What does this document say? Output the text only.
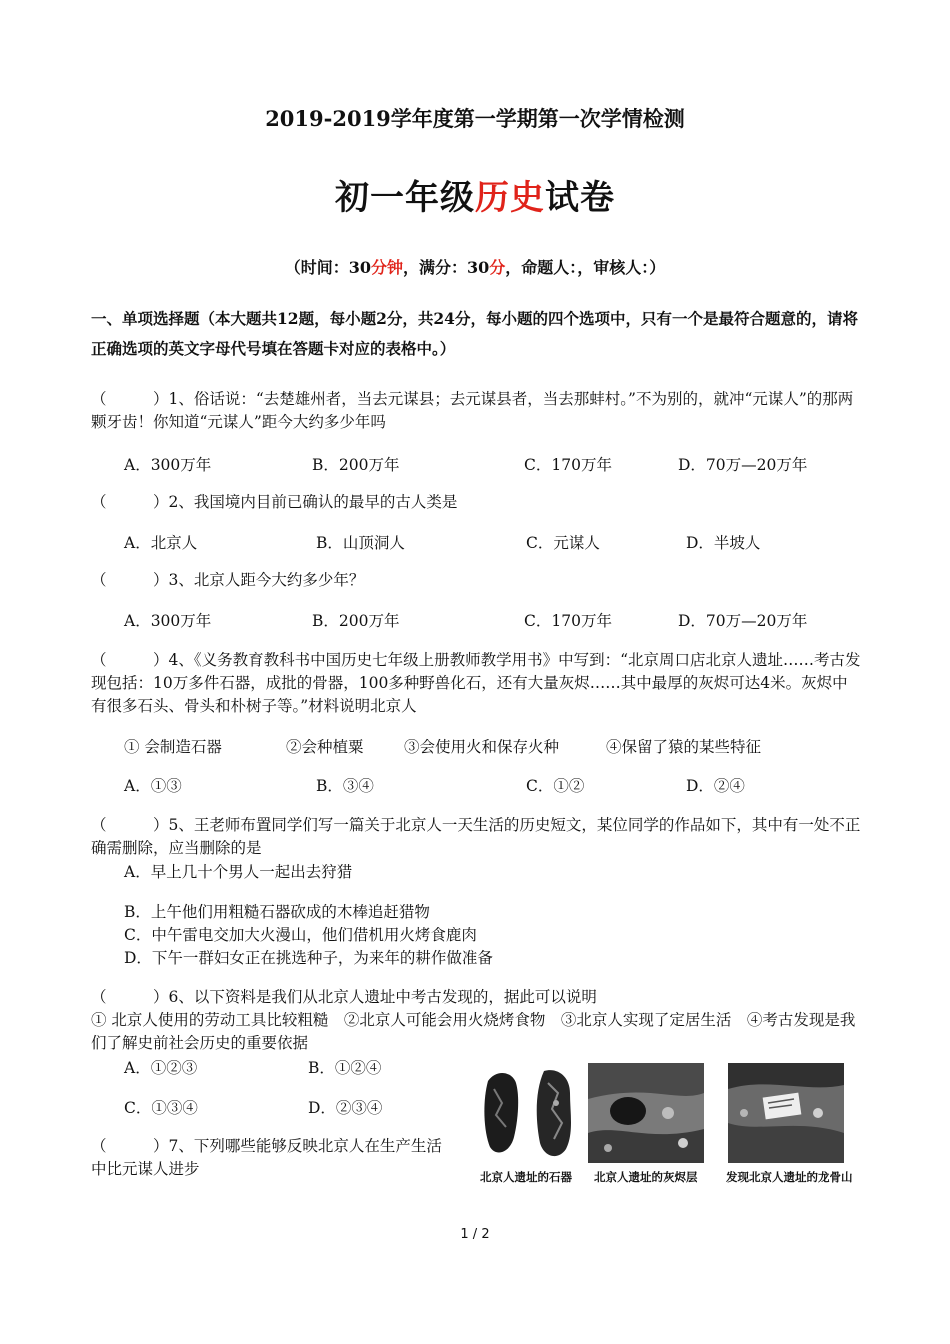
2019-2019学年度第一学期第一次学情检测
初一年级历史试卷
（时间：30分钟，满分：30分，命题人：，审核人：）
一、单项选择题（本大题共12题，每小题2分，共24分，每小题的四个选项中，只有一个是最符合题意的，请将正确选项的英文字母代号填在答题卡对应的表格中。）
（　　　）1、俗话说：“去楚雄州者，当去元谋县；去元谋县者，当去那蚌村。”不为别的，就冲“元谋人”的那两颗牙齿！你知道“元谋人”距今大约多少年吗
A．300万年	B．200万年	C．170万年	D．70万—20万年
（　　　）2、我国境内目前已确认的最早的古人类是
A．北京人	B．山顶洞人	C．元谋人	D．半坡人
（　　　）3、北京人距今大约多少年？
A．300万年	B．200万年	C．170万年	D．70万—20万年
（　　　）4、《义务教育教科书中国历史七年级上册教师教学用书》中写到：“北京周口店北京人遗址……考古发现包括：10万多件石器，成批的骨器，100多种野兽化石，还有大量灰烬……其中最厚的灰烬可达4米。灰烬中有很多石头、骨头和朴树子等。”材料说明北京人
① 会制造石器	②会种植粟	③会使用火和保存火种	④保留了猿的某些特征
A．①③	B．③④	C．①②	D．②④
（　　　）5、王老师布置同学们写一篇关于北京人一天生活的历史短文，某位同学的作品如下，其中有一处不正确需删除，应当删除的是
A．早上几十个男人一起出去狩猎
B．上午他们用粗糙石器砍成的木棒追赶猎物
C．中午雷电交加大火漫山，他们借机用火烤食鹿肉
D．下午一群妇女正在挑选种子，为来年的耕作做准备
（　　　）6、以下资料是我们从北京人遗址中考古发现的，据此可以说明
① 北京人使用的劳动工具比较粗糙　②北京人可能会用火烧烤食物　③北京人实现了定居生活　④考古发现是我们了解史前社会历史的重要依据
A．①②③	B．①②④
C．①③④	D．②③④
（　　　）7、下列哪些能够反映北京人在生产生活中比元谋人进步	北京人遗址的石器 北京人遗址的灰烬层 发现北京人遗址的龙骨山
1 / 2
